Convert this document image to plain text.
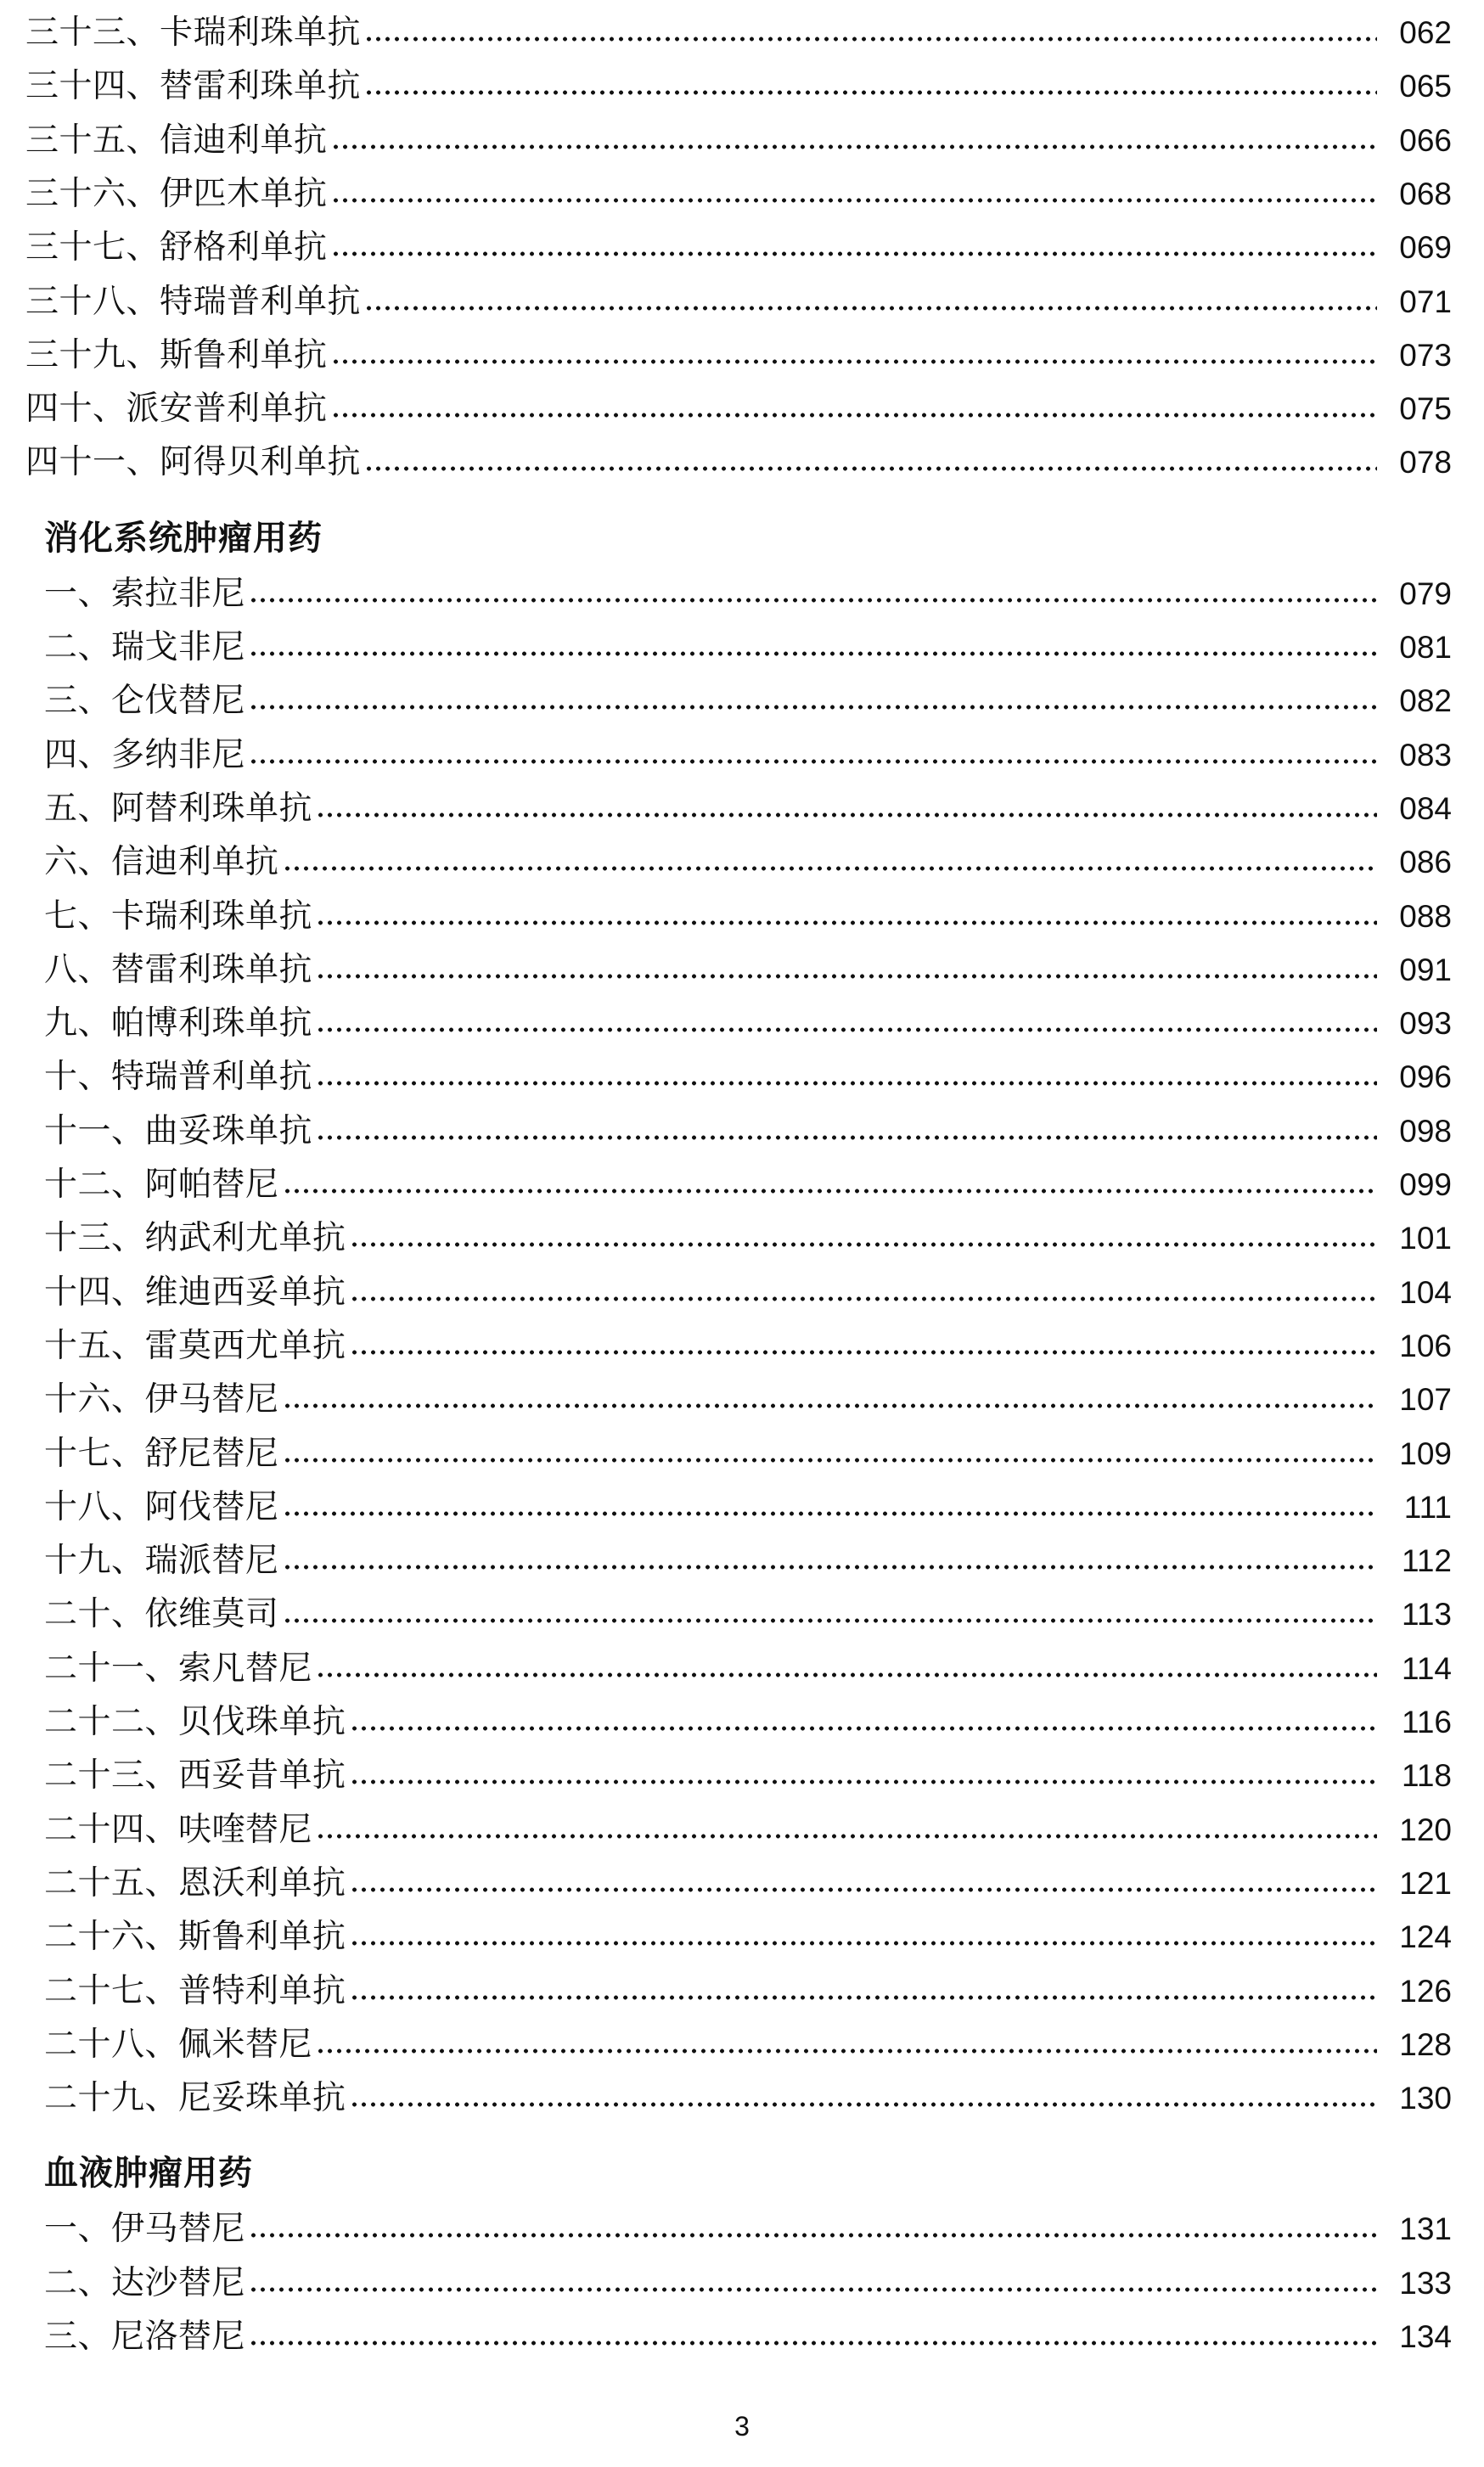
三十三、卡瑞利珠单抗	062
三十四、替雷利珠单抗	065
三十五、信迪利单抗	066
三十六、伊匹木单抗	068
三十七、舒格利单抗	069
三十八、特瑞普利单抗	071
三十九、斯鲁利单抗	073
四十、派安普利单抗	075
四十一、阿得贝利单抗	078
消化系统肿瘤用药
一、索拉非尼	079
二、瑞戈非尼	081
三、仑伐替尼	082
四、多纳非尼	083
五、阿替利珠单抗	084
六、信迪利单抗	086
七、卡瑞利珠单抗	088
八、替雷利珠单抗	091
九、帕博利珠单抗	093
十、特瑞普利单抗	096
十一、曲妥珠单抗	098
十二、阿帕替尼	099
十三、纳武利尤单抗	101
十四、维迪西妥单抗	104
十五、雷莫西尤单抗	106
十六、伊马替尼	107
十七、舒尼替尼	109
十八、阿伐替尼	111
十九、瑞派替尼	112
二十、依维莫司	113
二十一、索凡替尼	114
二十二、贝伐珠单抗	116
二十三、西妥昔单抗	118
二十四、呋喹替尼	120
二十五、恩沃利单抗	121
二十六、斯鲁利单抗	124
二十七、普特利单抗	126
二十八、佩米替尼	128
二十九、尼妥珠单抗	130
血液肿瘤用药
一、伊马替尼	131
二、达沙替尼	133
三、尼洛替尼	134
3
